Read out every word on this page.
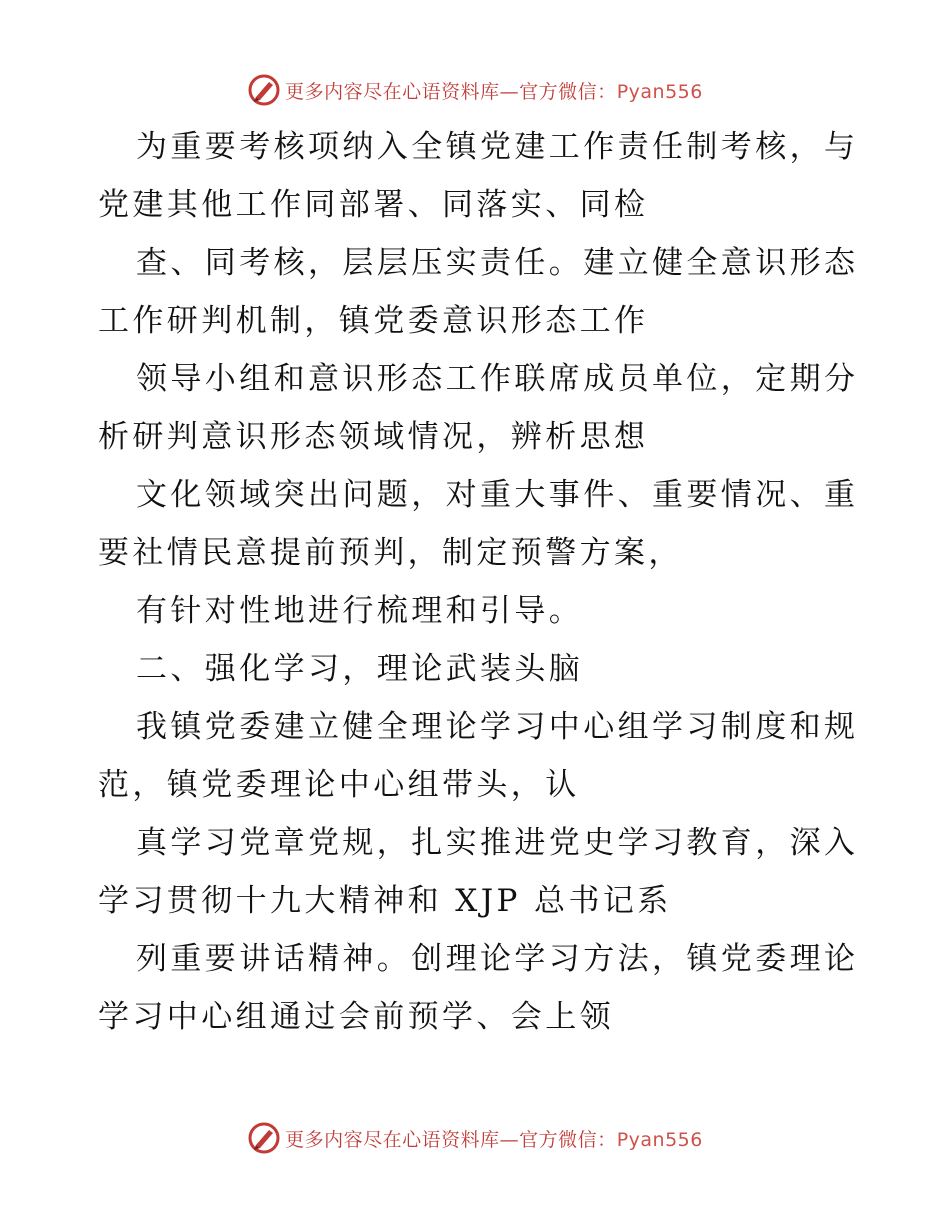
更多内容尽在心语资料库—官方微信：Pyan556
为重要考核项纳入全镇党建工作责任制考核，与
党建其他工作同部署、同落实、同检
查、同考核，层层压实责任。建立健全意识形态
工作研判机制，镇党委意识形态工作
领导小组和意识形态工作联席成员单位，定期分
析研判意识形态领域情况，辨析思想
文化领域突出问题，对重大事件、重要情况、重
要社情民意提前预判，制定预警方案，
有针对性地进行梳理和引导。
二、强化学习，理论武装头脑
我镇党委建立健全理论学习中心组学习制度和规
范，镇党委理论中心组带头，认
真学习党章党规，扎实推进党史学习教育，深入
学习贯彻十九大精神和 XJP 总书记系
列重要讲话精神。创理论学习方法，镇党委理论
学习中心组通过会前预学、会上领
更多内容尽在心语资料库—官方微信：Pyan556
